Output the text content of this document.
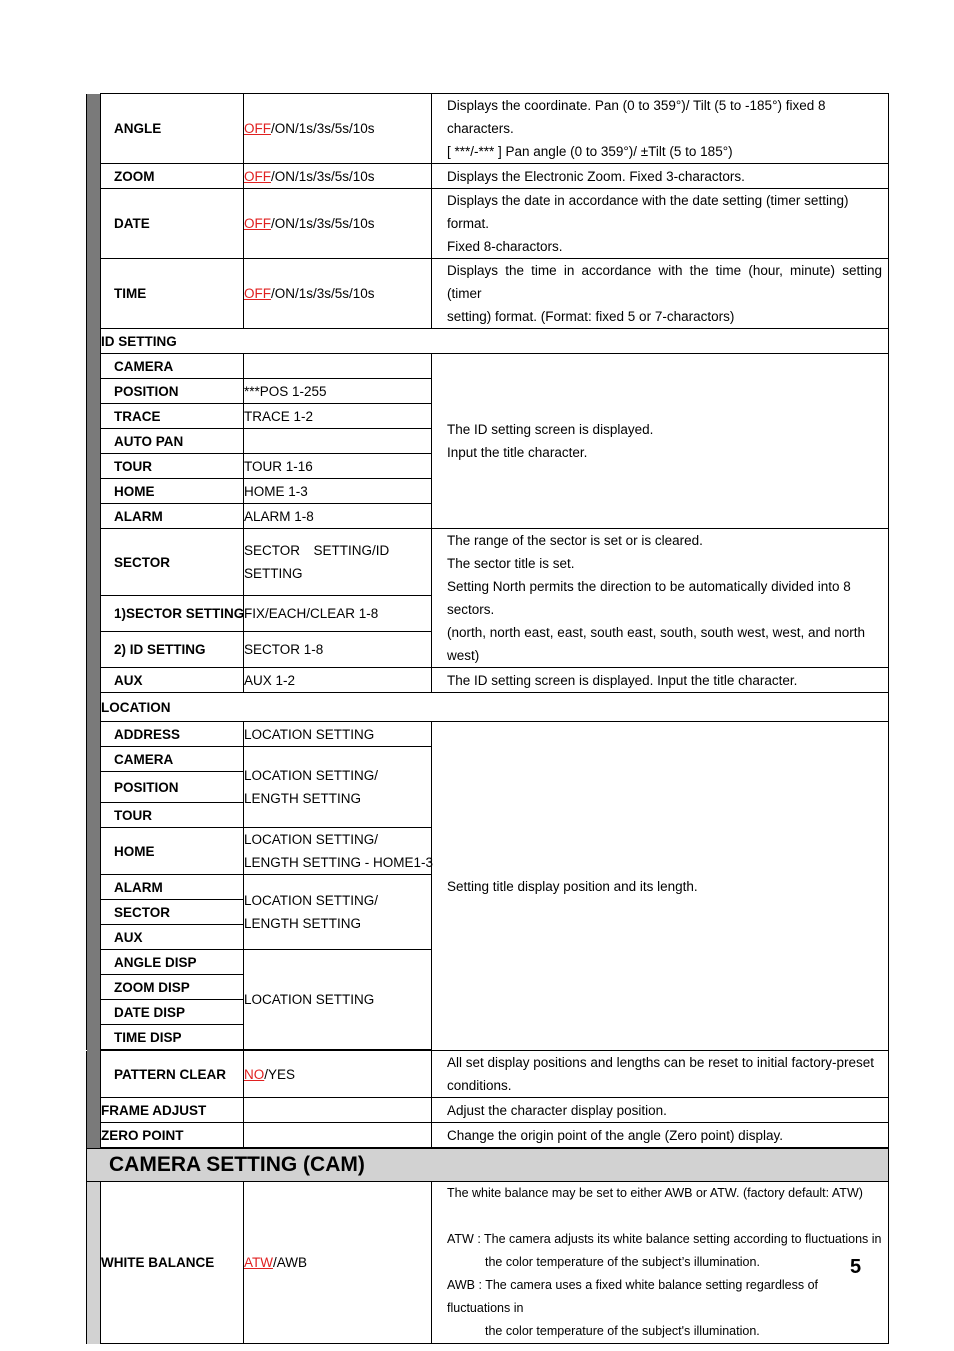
	ANGLE	OFF/ON/1s/3s/5s/10s	Displays the coordinate. Pan (0 to 359°)/ Tilt (5 to -185°) fixed 8 characters.
[ ***/-*** ] Pan angle (0 to 359°)/ ±Tilt (5 to 185°)
	ZOOM	OFF/ON/1s/3s/5s/10s	Displays the Electronic Zoom. Fixed 3-charactors.
	DATE	OFF/ON/1s/3s/5s/10s	Displays the date in accordance with the date setting (timer setting) format.
Fixed 8-charactors.
	TIME	OFF/ON/1s/3s/5s/10s	Displays the time in accordance with the time (hour, minute) setting (timer
setting) format. (Format: fixed 5 or 7-charactors)
	ID SETTING		
	CAMERA		The ID setting screen is displayed.
Input the title character.
	POSITION	***POS 1-255	
	TRACE	TRACE 1-2	
	AUTO PAN		
	TOUR	TOUR 1-16	
	HOME	HOME 1-3	
	ALARM	ALARM 1-8	
	SECTOR	SECTOR　SETTING/ID
SETTING	The range of the sector is set or is cleared.
The sector title is set.
Setting North permits the direction to be automatically divided into 8 sectors.
(north, north east, east, south east, south, south west, west, and north west)
	1)SECTOR SETTING	FIX/EACH/CLEAR 1-8	
	2) ID SETTING	SECTOR 1-8	
	AUX	AUX 1-2	The ID setting screen is displayed. Input the title character.
	LOCATION		
	ADDRESS	LOCATION SETTING	Setting title display position and its length.
	CAMERA	LOCATION SETTING/
LENGTH SETTING	
	POSITION		
	TOUR		
	HOME	LOCATION SETTING/
LENGTH SETTING - HOME1-3	
	ALARM	LOCATION SETTING/
LENGTH SETTING	
	SECTOR		
	AUX		
	ANGLE DISP	LOCATION SETTING	
	ZOOM DISP		
	DATE DISP		
	TIME DISP		

	PATTERN CLEAR	NO/YES	All set display positions and lengths can be reset to initial factory-preset
conditions.
	FRAME ADJUST		Adjust the character display position.
	ZERO POINT		Change the origin point of the angle (Zero point) display.

CAMERA SETTING (CAM)
	WHITE BALANCE	ATW/AWB	The white balance may be set to either AWB or ATW. (factory default: ATW)

ATW : The camera adjusts its white balance setting according to fluctuations in

the color temperature of the subject’s illumination.
AWB : The camera uses a fixed white balance setting regardless of fluctuations in

the color temperature of the subject's illumination.
5
